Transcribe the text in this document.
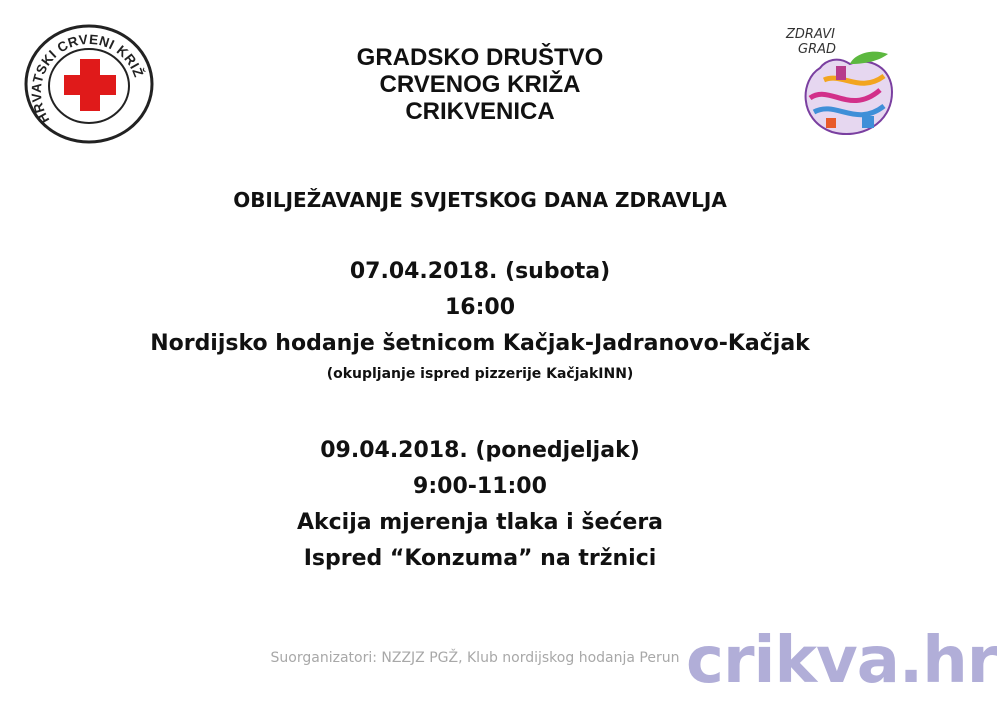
HRVATSKI CRVENI KRIŽ
ZDRAVI
GRAD
GRADSKO DRUŠTVO
CRVENOG KRIŽA
CRIKVENICA
OBILJEŽAVANJE SVJETSKOG DANA ZDRAVLJA
07.04.2018. (subota)
16:00
Nordijsko hodanje šetnicom Kačjak-Jadranovo-Kačjak
(okupljanje ispred pizzerije KačjakINN)
09.04.2018. (ponedjeljak)
9:00-11:00
Akcija mjerenja tlaka i šećera
Ispred “Konzuma” na tržnici
Suorganizatori: NZZJZ PGŽ, Klub nordijskog hodanja Perun crikva.hr
